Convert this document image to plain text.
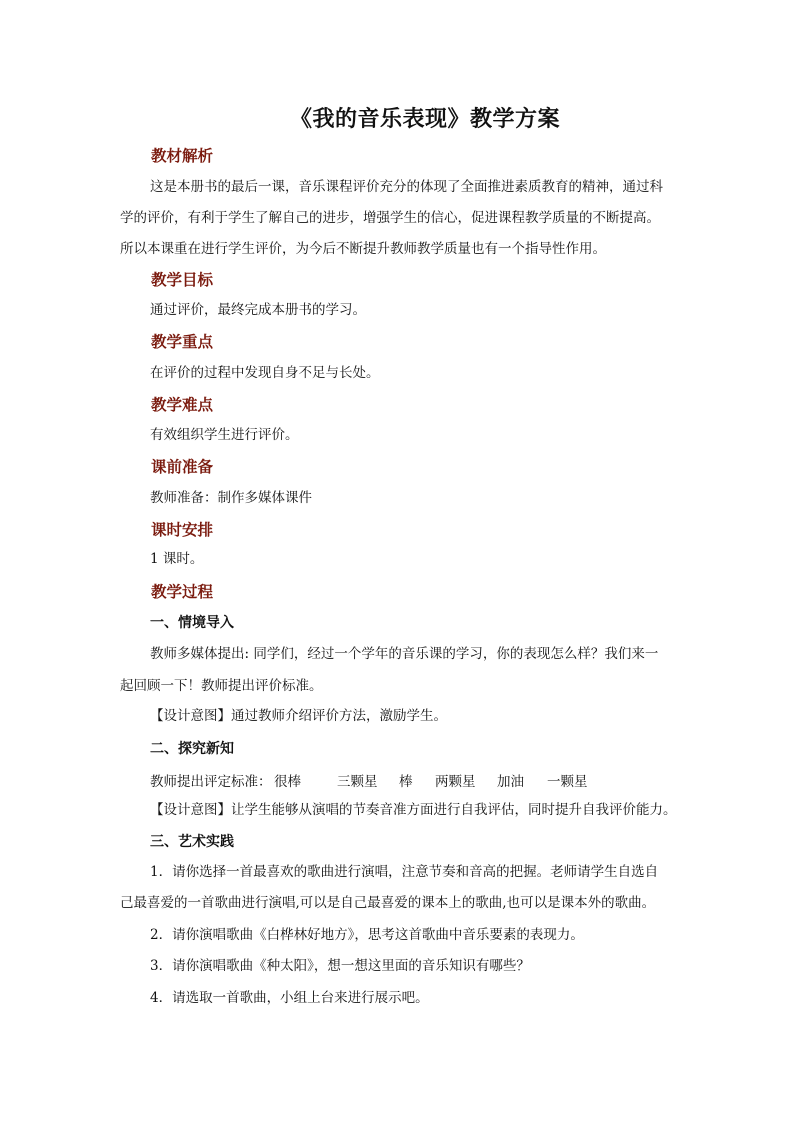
《我的音乐表现》教学方案
教材解析
这是本册书的最后一课，音乐课程评价充分的体现了全面推进素质教育的精神，通过科
学的评价，有利于学生了解自己的进步，增强学生的信心，促进课程教学质量的不断提高。
所以本课重在进行学生评价，为今后不断提升教师教学质量也有一个指导性作用。
教学目标
通过评价，最终完成本册书的学习。
教学重点
在评价的过程中发现自身不足与长处。
教学难点
有效组织学生进行评价。
课前准备
教师准备：制作多媒体课件
课时安排
1 课时。
教学过程
一、情境导入
教师多媒体提出: 同学们，经过一个学年的音乐课的学习，你的表现怎么样？我们来一
起回顾一下！教师提出评价标准。
【设计意图】通过教师介绍评价方法，激励学生。
二、探究新知
教师提出评定标准： 很棒	三颗星 棒 两颗星 加油 一颗星
【设计意图】让学生能够从演唱的节奏音准方面进行自我评估，同时提升自我评价能力。
三、艺术实践
1．请你选择一首最喜欢的歌曲进行演唱，注意节奏和音高的把握。老师请学生自选自
己最喜爱的一首歌曲进行演唱,可以是自己最喜爱的课本上的歌曲,也可以是课本外的歌曲。
2．请你演唱歌曲《白桦林好地方》，思考这首歌曲中音乐要素的表现力。
3．请你演唱歌曲《种太阳》，想一想这里面的音乐知识有哪些？
4．请选取一首歌曲，小组上台来进行展示吧。
